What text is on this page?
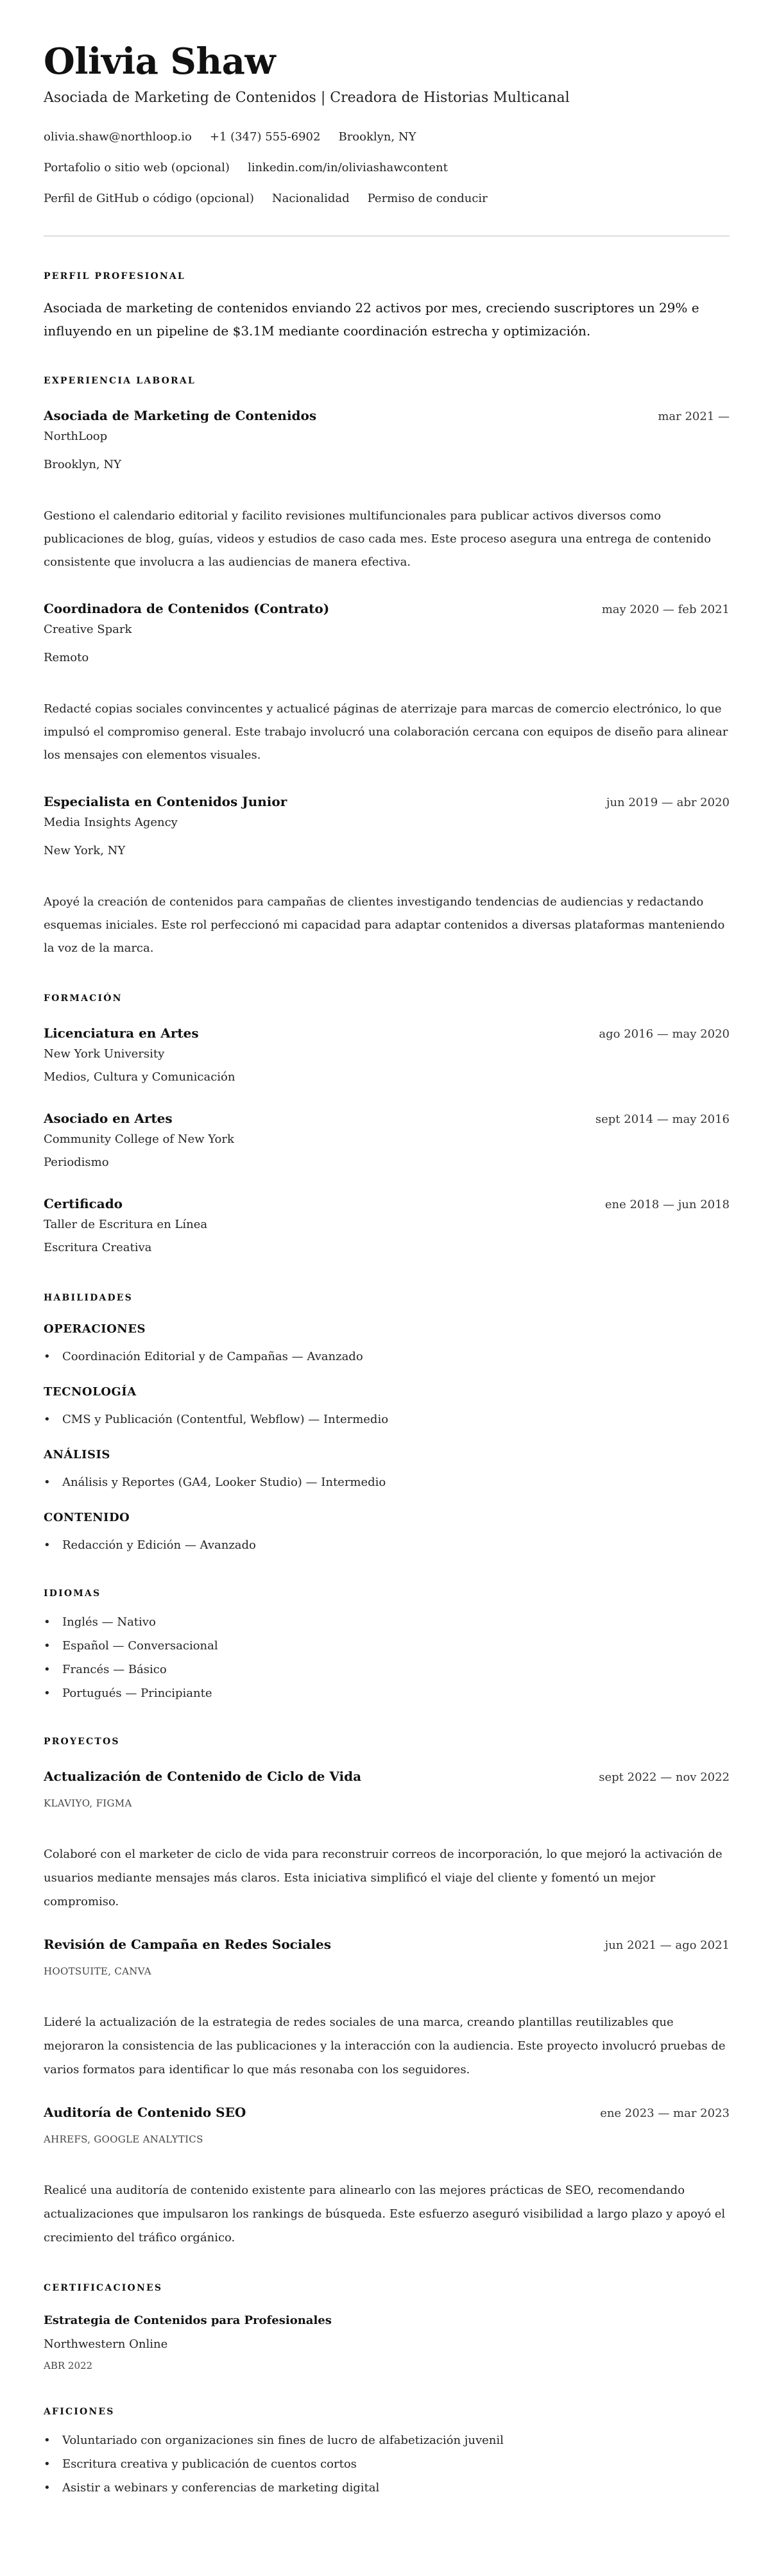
Olivia Shaw
Asociada de Marketing de Contenidos | Creadora de Historias Multicanal
olivia.shaw@northloop.io +1 (347) 555-6902 Brooklyn, NY
Portafolio o sitio web (opcional) linkedin.com/in/oliviashawcontent
Perfil de GitHub o código (opcional) Nacionalidad Permiso de conducir
PERFIL PROFESIONAL
Asociada de marketing de contenidos enviando 22 activos por mes, creciendo suscriptores un 29% e influyendo en un pipeline de $3.1M mediante coordinación estrecha y optimización.
EXPERIENCIA LABORAL
Asociada de Marketing de Contenidos	mar 2021 —
NorthLoop
Brooklyn, NY
Gestiono el calendario editorial y facilito revisiones multifuncionales para publicar activos diversos como publicaciones de blog, guías, videos y estudios de caso cada mes. Este proceso asegura una entrega de contenido consistente que involucra a las audiencias de manera efectiva.
Coordinadora de Contenidos (Contrato)	may 2020 — feb 2021
Creative Spark
Remoto
Redacté copias sociales convincentes y actualicé páginas de aterrizaje para marcas de comercio electrónico, lo que impulsó el compromiso general. Este trabajo involucró una colaboración cercana con equipos de diseño para alinear los mensajes con elementos visuales.
Especialista en Contenidos Junior	jun 2019 — abr 2020
Media Insights Agency
New York, NY
Apoyé la creación de contenidos para campañas de clientes investigando tendencias de audiencias y redactando esquemas iniciales. Este rol perfeccionó mi capacidad para adaptar contenidos a diversas plataformas manteniendo la voz de la marca.
FORMACIÓN
Licenciatura en Artes	ago 2016 — may 2020
New York University
Medios, Cultura y Comunicación
Asociado en Artes	sept 2014 — may 2016
Community College of New York
Periodismo
Certificado	ene 2018 — jun 2018
Taller de Escritura en Línea
Escritura Creativa
HABILIDADES
OPERACIONES
• Coordinación Editorial y de Campañas — Avanzado
TECNOLOGÍA
• CMS y Publicación (Contentful, Webflow) — Intermedio
ANÁLISIS
• Análisis y Reportes (GA4, Looker Studio) — Intermedio
CONTENIDO
• Redacción y Edición — Avanzado
IDIOMAS
• Inglés — Nativo
• Español — Conversacional
• Francés — Básico
• Portugués — Principiante
PROYECTOS
Actualización de Contenido de Ciclo de Vida	sept 2022 — nov 2022
KLAVIYO, FIGMA
Colaboré con el marketer de ciclo de vida para reconstruir correos de incorporación, lo que mejoró la activación de usuarios mediante mensajes más claros. Esta iniciativa simplificó el viaje del cliente y fomentó un mejor compromiso.
Revisión de Campaña en Redes Sociales	jun 2021 — ago 2021
HOOTSUITE, CANVA
Lideré la actualización de la estrategia de redes sociales de una marca, creando plantillas reutilizables que mejoraron la consistencia de las publicaciones y la interacción con la audiencia. Este proyecto involucró pruebas de varios formatos para identificar lo que más resonaba con los seguidores.
Auditoría de Contenido SEO	ene 2023 — mar 2023
AHREFS, GOOGLE ANALYTICS
Realicé una auditoría de contenido existente para alinearlo con las mejores prácticas de SEO, recomendando actualizaciones que impulsaron los rankings de búsqueda. Este esfuerzo aseguró visibilidad a largo plazo y apoyó el crecimiento del tráfico orgánico.
CERTIFICACIONES
Estrategia de Contenidos para Profesionales
Northwestern Online
ABR 2022
AFICIONES
• Voluntariado con organizaciones sin fines de lucro de alfabetización juvenil
• Escritura creativa y publicación de cuentos cortos
• Asistir a webinars y conferencias de marketing digital
